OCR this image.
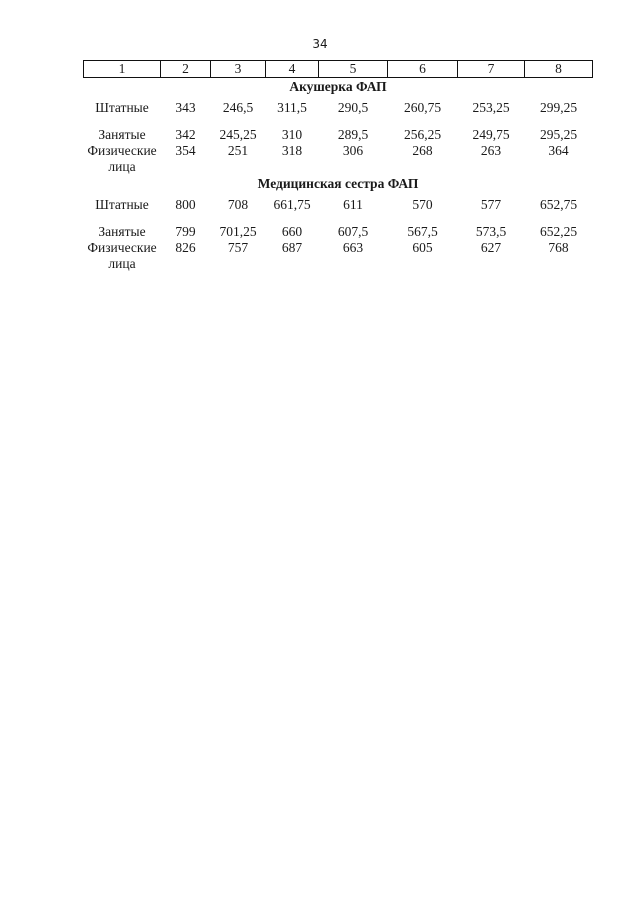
34
1	2	3	4	5	6	7	8
Акушерка ФАП							
Штатные	343	246,5	311,5	290,5	260,75	253,25	299,25
Занятые	342	245,25	310	289,5	256,25	249,75	295,25
Физические лица	354	251	318	306	268	263	364
Медицинская сестра ФАП							
Штатные	800	708	661,75	611	570	577	652,75
Занятые	799	701,25	660	607,5	567,5	573,5	652,25
Физические лица	826	757	687	663	605	627	768
